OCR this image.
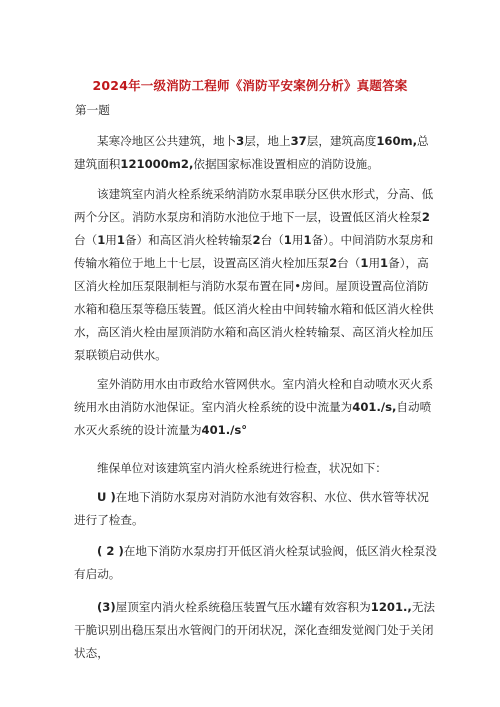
2024年一级消防工程师《消防平安案例分析》真题答案

第一题

某寒冷地区公共建筑，地卜3层，地上37层，建筑高度160m,总建筑面积121000m2,依据国家标准设置相应的消防设施。

该建筑室内消火栓系统采纳消防水泵串联分区供水形式，分高、低两个分区。消防水泵房和消防水池位于地下一层，设置低区消火栓泵2台（1用1备）和高区消火栓转输泵2台（1用1备）。中间消防水泵房和传输水箱位于地上十七层，设置高区消火栓加压泵2台（1用1备），高区消火栓加压泵限制柜与消防水泵布置在同•房间。屋顶设置高位消防水箱和稳压泵等稳压装置。低区消火栓由中间转输水箱和低区消火栓供水，高区消火栓由屋顶消防水箱和高区消火栓转输泵、高区消火栓加压泵联锁启动供水。

室外消防用水由市政给水管网供水。室内消火栓和自动喷水灭火系统用水由消防水池保证。室内消火栓系统的设中流量为401./s,自动喷水灭火系统的设计流量为401./s°

维保单位对该建筑室内消火栓系统进行检查，状况如下：

U )在地下消防水泵房对消防水池有效容积、水位、供水管等状况进行了检查。

( 2 )在地下消防水泵房打开低区消火栓泵试验阀，低区消火栓泵没有启动。

(3)屋顶室内消火栓系统稳压装置气压水罐有效容积为1201.,无法干脆识别出稳压泵出水管阀门的开闭状况，深化查细发觉阀门处于关闭状态，
